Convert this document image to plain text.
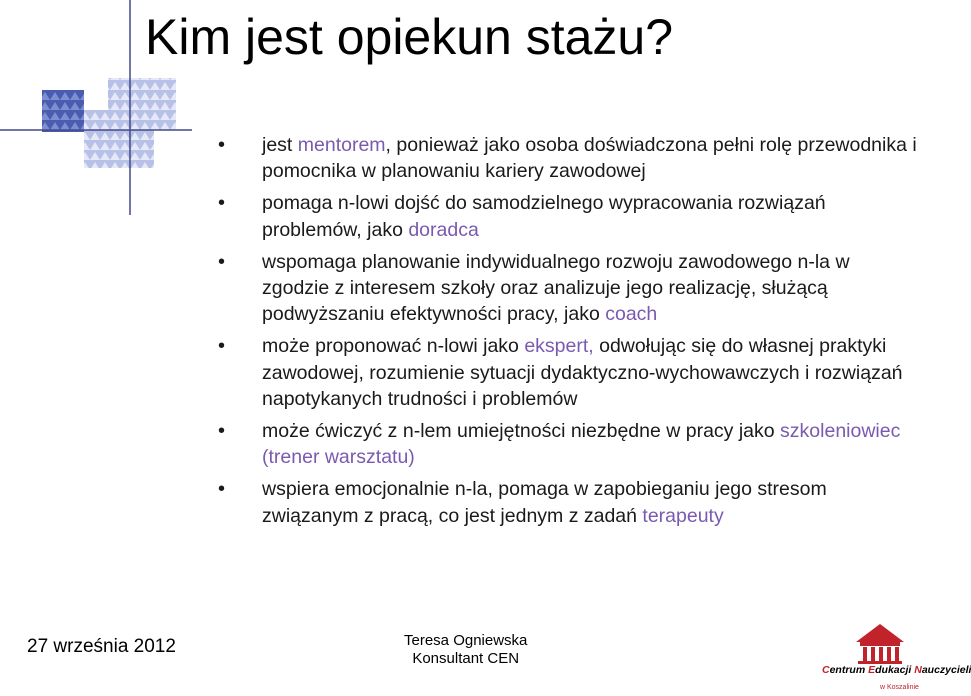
Kim jest opiekun stażu?
• jest mentorem, ponieważ jako osoba doświadczona pełni rolę przewodnika i pomocnika w planowaniu kariery zawodowej
• pomaga n-lowi dojść do samodzielnego wypracowania rozwiązań problemów, jako doradca
• wspomaga planowanie indywidualnego rozwoju zawodowego n-la w zgodzie z interesem szkoły oraz analizuje jego realizację, służącą podwyższaniu efektywności pracy, jako coach
• może proponować n-lowi jako ekspert, odwołując się do własnej praktyki zawodowej, rozumienie sytuacji dydaktyczno-wychowawczych i rozwiązań napotykanych trudności i problemów
• może ćwiczyć z n-lem umiejętności niezbędne w pracy jako szkoleniowiec (trener warsztatu)
• wspiera emocjonalnie n-la, pomaga w zapobieganiu jego stresom związanym z pracą, co jest jednym z zadań terapeuty
27 września 2012	Teresa Ogniewska
Konsultant CEN
Centrum Edukacji Nauczycieli
w Koszalinie
